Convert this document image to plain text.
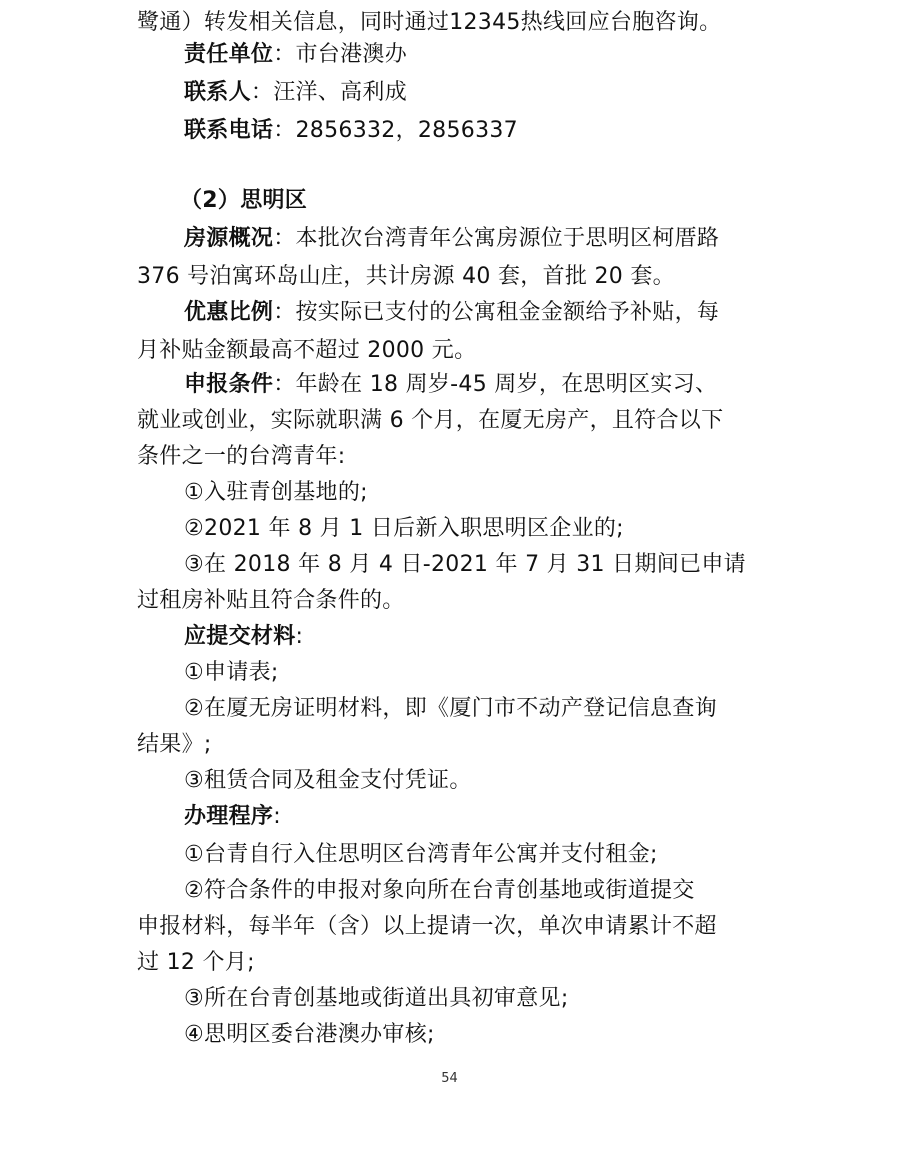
鹭通）转发相关信息，同时通过12345热线回应台胞咨询。
责任单位：市台港澳办
联系人：汪洋、高利成
联系电话：2856332，2856337
（2）思明区
房源概况：本批次台湾青年公寓房源位于思明区柯厝路
376 号泊寓环岛山庄，共计房源 40 套，首批 20 套。
优惠比例：按实际已支付的公寓租金金额给予补贴，每
月补贴金额最高不超过 2000 元。
申报条件：年龄在 18 周岁-45 周岁，在思明区实习、
就业或创业，实际就职满 6 个月，在厦无房产，且符合以下
条件之一的台湾青年:
①入驻青创基地的;
②2021 年 8 月 1 日后新入职思明区企业的;
③在 2018 年 8 月 4 日-2021 年 7 月 31 日期间已申请
过租房补贴且符合条件的。
应提交材料:
①申请表;
②在厦无房证明材料，即《厦门市不动产登记信息查询
结果》;
③租赁合同及租金支付凭证。
办理程序:
①台青自行入住思明区台湾青年公寓并支付租金;
②符合条件的申报对象向所在台青创基地或街道提交
申报材料，每半年（含）以上提请一次，单次申请累计不超
过 12 个月;
③所在台青创基地或街道出具初审意见;
④思明区委台港澳办审核;
54
